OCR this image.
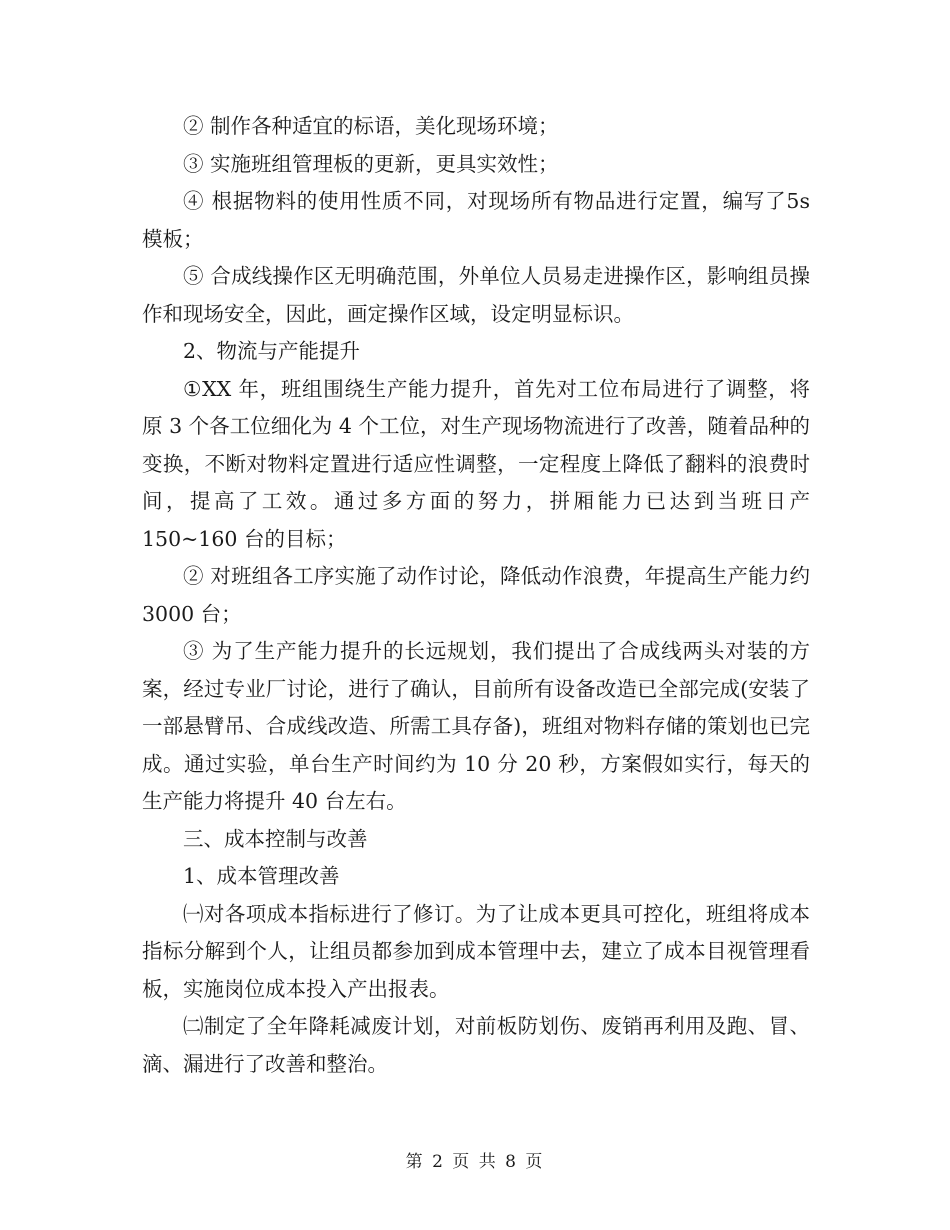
② 制作各种适宜的标语，美化现场环境；

③ 实施班组管理板的更新，更具实效性；

④ 根据物料的使用性质不同，对现场所有物品进行定置，编写了5s 模板；

⑤ 合成线操作区无明确范围，外单位人员易走进操作区，影响组员操作和现场安全，因此，画定操作区域，设定明显标识。

2、物流与产能提升

①XX 年，班组围绕生产能力提升，首先对工位布局进行了调整，将原 3 个各工位细化为 4 个工位，对生产现场物流进行了改善，随着品种的变换，不断对物料定置进行适应性调整，一定程度上降低了翻料的浪费时间，提高了工效。通过多方面的努力，拼厢能力已达到当班日产 150~160 台的目标；

② 对班组各工序实施了动作讨论，降低动作浪费，年提高生产能力约 3000 台；

③ 为了生产能力提升的长远规划，我们提出了合成线两头对装的方案，经过专业厂讨论，进行了确认，目前所有设备改造已全部完成(安装了一部悬臂吊、合成线改造、所需工具存备)，班组对物料存储的策划也已完成。通过实验，单台生产时间约为 10 分 20 秒，方案假如实行，每天的生产能力将提升 40 台左右。

三、成本控制与改善

1、成本管理改善

㈠对各项成本指标进行了修订。为了让成本更具可控化，班组将成本指标分解到个人，让组员都参加到成本管理中去，建立了成本目视管理看板，实施岗位成本投入产出报表。

㈡制定了全年降耗减废计划，对前板防划伤、废销再利用及跑、冒、滴、漏进行了改善和整治。

第 2 页 共 8 页
